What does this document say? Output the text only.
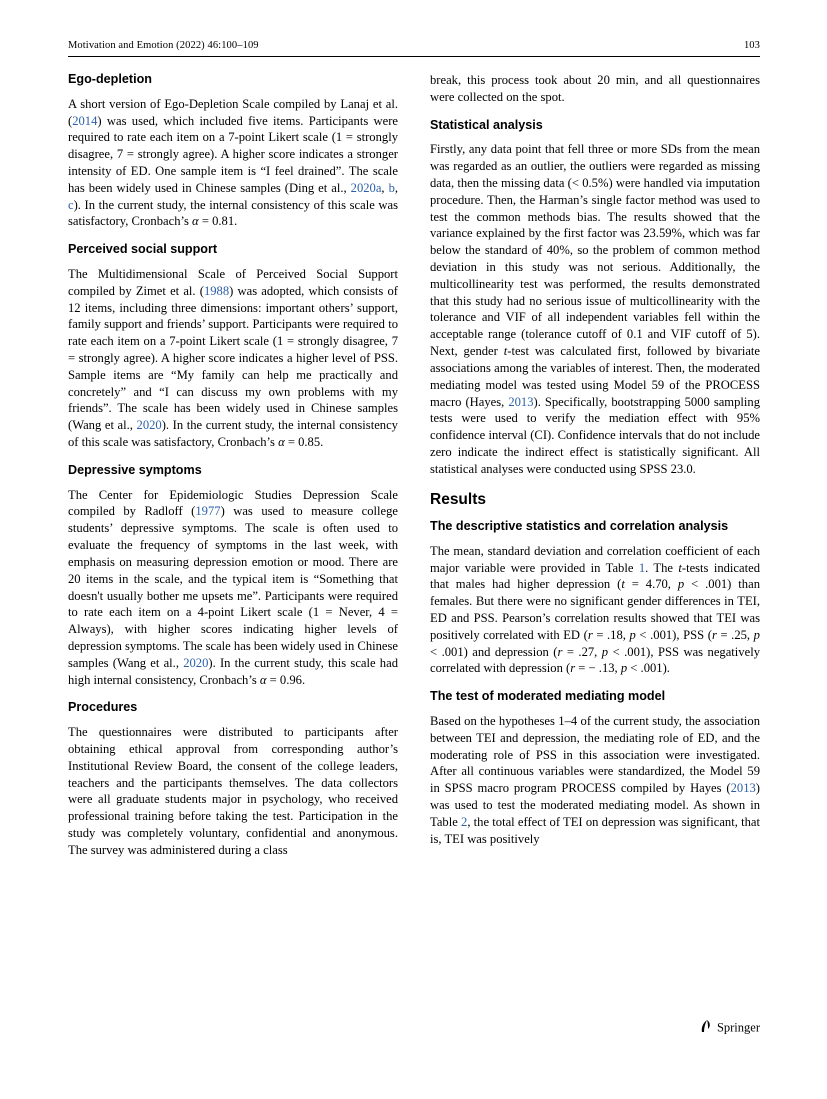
Motivation and Emotion (2022) 46:100–109	103
Ego-depletion

A short version of Ego-Depletion Scale compiled by Lanaj et al. (2014) was used, which included five items. Participants were required to rate each item on a 7-point Likert scale (1 = strongly disagree, 7 = strongly agree). A higher score indicates a stronger intensity of ED. One sample item is “I feel drained”. The scale has been widely used in Chinese samples (Ding et al., 2020a, b, c). In the current study, the internal consistency of this scale was satisfactory, Cronbach’s α = 0.81.

Perceived social support

The Multidimensional Scale of Perceived Social Support compiled by Zimet et al. (1988) was adopted, which consists of 12 items, including three dimensions: important others’ support, family support and friends’ support. Participants were required to rate each item on a 7-point Likert scale (1 = strongly disagree, 7 = strongly agree). A higher score indicates a higher level of PSS. Sample items are “My family can help me practically and concretely” and “I can discuss my own problems with my friends”. The scale has been widely used in Chinese samples (Wang et al., 2020). In the current study, the internal consistency of this scale was satisfactory, Cronbach’s α = 0.85.

Depressive symptoms

The Center for Epidemiologic Studies Depression Scale compiled by Radloff (1977) was used to measure college students’ depressive symptoms. The scale is often used to evaluate the frequency of symptoms in the last week, with emphasis on measuring depression emotion or mood. There are 20 items in the scale, and the typical item is “Something that doesn't usually bother me upsets me”. Participants were required to rate each item on a 4-point Likert scale (1 = Never, 4 = Always), with higher scores indicating higher levels of depression symptoms. The scale has been widely used in Chinese samples (Wang et al., 2020). In the current study, this scale had high internal consistency, Cronbach’s α = 0.96.

Procedures

The questionnaires were distributed to participants after obtaining ethical approval from corresponding author’s Institutional Review Board, the consent of the college leaders, teachers and the participants themselves. The data collectors were all graduate students major in psychology, who received professional training before taking the test. Participation in the study was completely voluntary, confidential and anonymous. The survey was administered during a class

break, this process took about 20 min, and all questionnaires were collected on the spot.

Statistical analysis

Firstly, any data point that fell three or more SDs from the mean was regarded as an outlier, the outliers were regarded as missing data, then the missing data (< 0.5%) were handled via imputation procedure. Then, the Harman’s single factor method was used to test the common methods bias. The results showed that the variance explained by the first factor was 23.59%, which was far below the standard of 40%, so the problem of common method deviation in this study was not serious. Additionally, the multicollinearity test was performed, the results demonstrated that this study had no serious issue of multicollinearity with the tolerance and VIF of all independent variables fell within the acceptable range (tolerance cutoff of 0.1 and VIF cutoff of 5). Next, gender t-test was calculated first, followed by bivariate associations among the variables of interest. Then, the moderated mediating model was tested using Model 59 of the PROCESS macro (Hayes, 2013). Specifically, bootstrapping 5000 sampling tests were used to verify the mediation effect with 95% confidence interval (CI). Confidence intervals that do not include zero indicate the indirect effect is statistically significant. All statistical analyses were conducted using SPSS 23.0.

Results
The descriptive statistics and correlation analysis

The mean, standard deviation and correlation coefficient of each major variable were provided in Table 1. The t-tests indicated that males had higher depression (t = 4.70, p < .001) than females. But there were no significant gender differences in TEI, ED and PSS. Pearson’s correlation results showed that TEI was positively correlated with ED (r = .18, p < .001), PSS (r = .25, p < .001) and depression (r = .27, p < .001), PSS was negatively correlated with depression (r = − .13, p < .001).

The test of moderated mediating model

Based on the hypotheses 1–4 of the current study, the association between TEI and depression, the mediating role of ED, and the moderating role of PSS in this association were investigated. After all continuous variables were standardized, the Model 59 in SPSS macro program PROCESS compiled by Hayes (2013) was used to test the moderated mediating model. As shown in Table 2, the total effect of TEI on depression was significant, that is, TEI was positively

Springer
